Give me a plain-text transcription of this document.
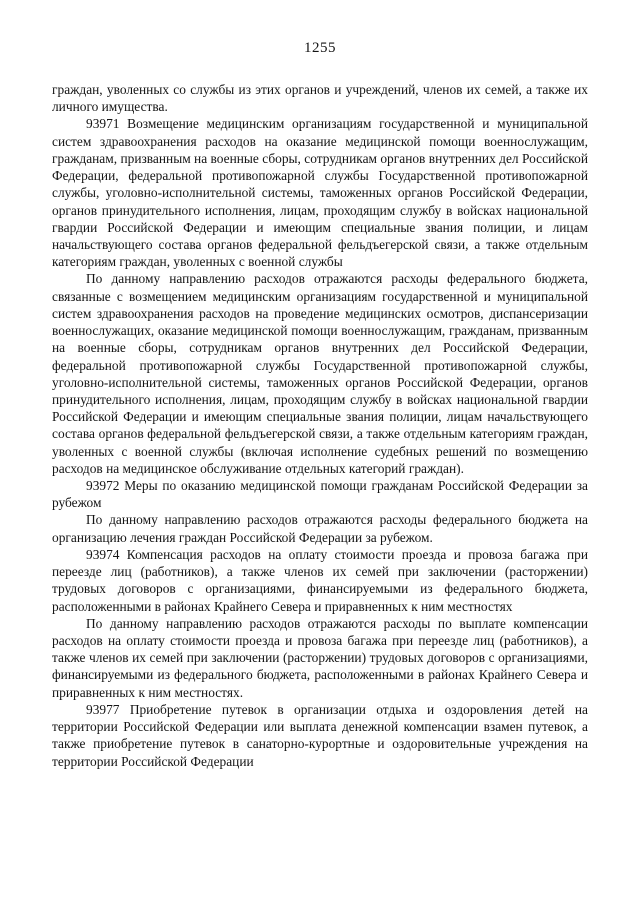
1255

граждан, уволенных со службы из этих органов и учреждений, членов их семей, а также их личного имущества.

93971 Возмещение медицинским организациям государственной и муниципальной систем здравоохранения расходов на оказание медицинской помощи военнослужащим, гражданам, призванным на военные сборы, сотрудникам органов внутренних дел Российской Федерации, федеральной противопожарной службы Государственной противопожарной службы, уголовно-исполнительной системы, таможенных органов Российской Федерации, органов принудительного исполнения, лицам, проходящим службу в войсках национальной гвардии Российской Федерации и имеющим специальные звания полиции, и лицам начальствующего состава органов федеральной фельдъегерской связи, а также отдельным категориям граждан, уволенных с военной службы

По данному направлению расходов отражаются расходы федерального бюджета, связанные с возмещением медицинским организациям государственной и муниципальной систем здравоохранения расходов на проведение медицинских осмотров, диспансеризации военнослужащих, оказание медицинской помощи военнослужащим, гражданам, призванным на военные сборы, сотрудникам органов внутренних дел Российской Федерации, федеральной противопожарной службы Государственной противопожарной службы, уголовно-исполнительной системы, таможенных органов Российской Федерации, органов принудительного исполнения, лицам, проходящим службу в войсках национальной гвардии Российской Федерации и имеющим специальные звания полиции, лицам начальствующего состава органов федеральной фельдъегерской связи, а также отдельным категориям граждан, уволенных с военной службы (включая исполнение судебных решений по возмещению расходов на медицинское обслуживание отдельных категорий граждан).

93972 Меры по оказанию медицинской помощи гражданам Российской Федерации за рубежом

По данному направлению расходов отражаются расходы федерального бюджета на организацию лечения граждан Российской Федерации за рубежом.

93974 Компенсация расходов на оплату стоимости проезда и провоза багажа при переезде лиц (работников), а также членов их семей при заключении (расторжении) трудовых договоров с организациями, финансируемыми из федерального бюджета, расположенными в районах Крайнего Севера и приравненных к ним местностях

По данному направлению расходов отражаются расходы по выплате компенсации расходов на оплату стоимости проезда и провоза багажа при переезде лиц (работников), а также членов их семей при заключении (расторжении) трудовых договоров с организациями, финансируемыми из федерального бюджета, расположенными в районах Крайнего Севера и приравненных к ним местностях.

93977 Приобретение путевок в организации отдыха и оздоровления детей на территории Российской Федерации или выплата денежной компенсации взамен путевок, а также приобретение путевок в санаторно-курортные и оздоровительные учреждения на территории Российской Федерации
